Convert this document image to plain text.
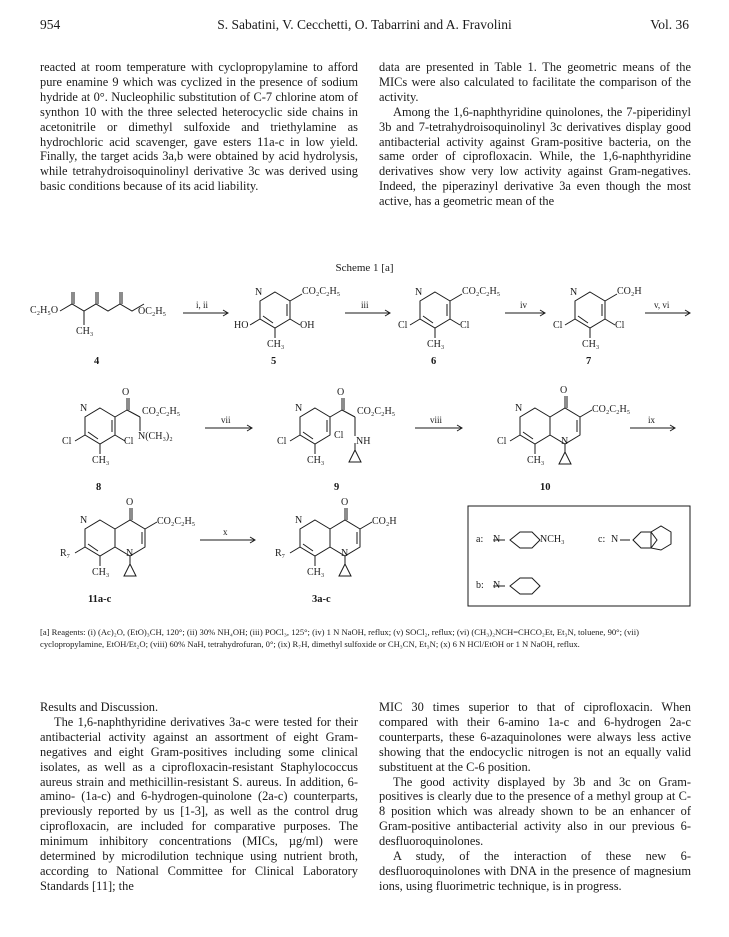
954	S. Sabatini, V. Cecchetti, O. Tabarrini and A. Fravolini	Vol. 36

reacted at room temperature with cyclopropylamine to afford pure enamine 9 which was cyclized in the presence of sodium hydride at 0°. Nucleophilic substitution of C-7 chlorine atom of synthon 10 with the three selected heterocyclic side chains in acetonitrile or dimethyl sulfoxide and triethylamine as hydrochloric acid scavenger, gave esters 11a-c in low yield. Finally, the target acids 3a,b were obtained by acid hydrolysis, while tetrahydroisoquinolinyl derivative 3c was derived using basic conditions because of its acid liability.

data are presented in Table 1. The geometric means of the MICs were also calculated to facilitate the comparison of the activity.

Among the 1,6-naphthyridine quinolones, the 7-piperidinyl 3b and 7-tetrahydroisoquinolinyl 3c derivatives display good antibacterial activity against Gram-positive bacteria, on the same order of ciprofloxacin. While, the 1,6-naphthyridine derivatives show very low activity against Gram-negatives. Indeed, the piperazinyl derivative 3a even though the most active, has a geometric mean of the

Scheme 1 [a]
C₂H₅O	OC₂H₅
CH₃
4
i, ii
N	CO₂C₂H₅
HO	OH
CH₃
5
iii
N	CO₂C₂H₅
Cl	Cl
CH₃
6
iv
N	CO₂H
Cl	Cl
CH₃
7
v, vi
N
O
CO₂C₂H₅
Cl	Cl N(CH₃)₂
CH₃
8
vii
N
O
CO₂C₂H₅
Cl
Cl
NH
CH₃
9
viii
N
O
CO₂C₂H₅
Cl	N
CH₃
10
ix
N
O
CO₂C₂H₅
R₇	N
CH₃
11a-c
x
N
O
CO₂H
R₇	N
CH₃
3a-c
a: N	NCH₃	c: N
b: N
[a] Reagents: (i) (Ac)₂O, (EtO)₃CH, 120°; (ii) 30% NH₄OH; (iii) POCl₃, 125°; (iv) 1 N NaOH, reflux; (v) SOCl₂, reflux; (vi) (CH₃)₂NCH=CHCO₂Et, Et₃N, toluene, 90°; (vii) cyclopropylamine, EtOH/Et₂O; (viii) 60% NaH, tetrahydrofuran, 0°; (ix) R₇H, dimethyl sulfoxide or CH₃CN, Et₃N; (x) 6 N HCl/EtOH or 1 N NaOH, reflux.

Results and Discussion.

The 1,6-naphthyridine derivatives 3a-c were tested for their antibacterial activity against an assortment of eight Gram-negatives and eight Gram-positives including some clinical isolates, as well as a ciprofloxacin-resistant Staphylococcus aureus strain and methicillin-resistant S. aureus. In addition, 6-amino- (1a-c) and 6-hydrogen-quinolone (2a-c) counterparts, previously reported by us [1-3], as well as the control drug ciprofloxacin, are included for comparative purposes. The minimum inhibitory concentrations (MICs, µg/ml) were determined by microdilution technique using nutrient broth, according to National Committee for Clinical Laboratory Standards [11]; the

MIC 30 times superior to that of ciprofloxacin. When compared with their 6-amino 1a-c and 6-hydrogen 2a-c counterparts, these 6-azaquinolones were always less active showing that the endocyclic nitrogen is not an equally valid substituent at the C-6 position.

The good activity displayed by 3b and 3c on Gram-positives is clearly due to the presence of a methyl group at C-8 position which was already shown to be an enhancer of Gram-positive antibacterial activity also in our previous 6-desfluoroquinolones.

A study, of the interaction of these new 6-desfluoroquinolones with DNA in the presence of magnesium ions, using fluorimetric technique, is in progress.
